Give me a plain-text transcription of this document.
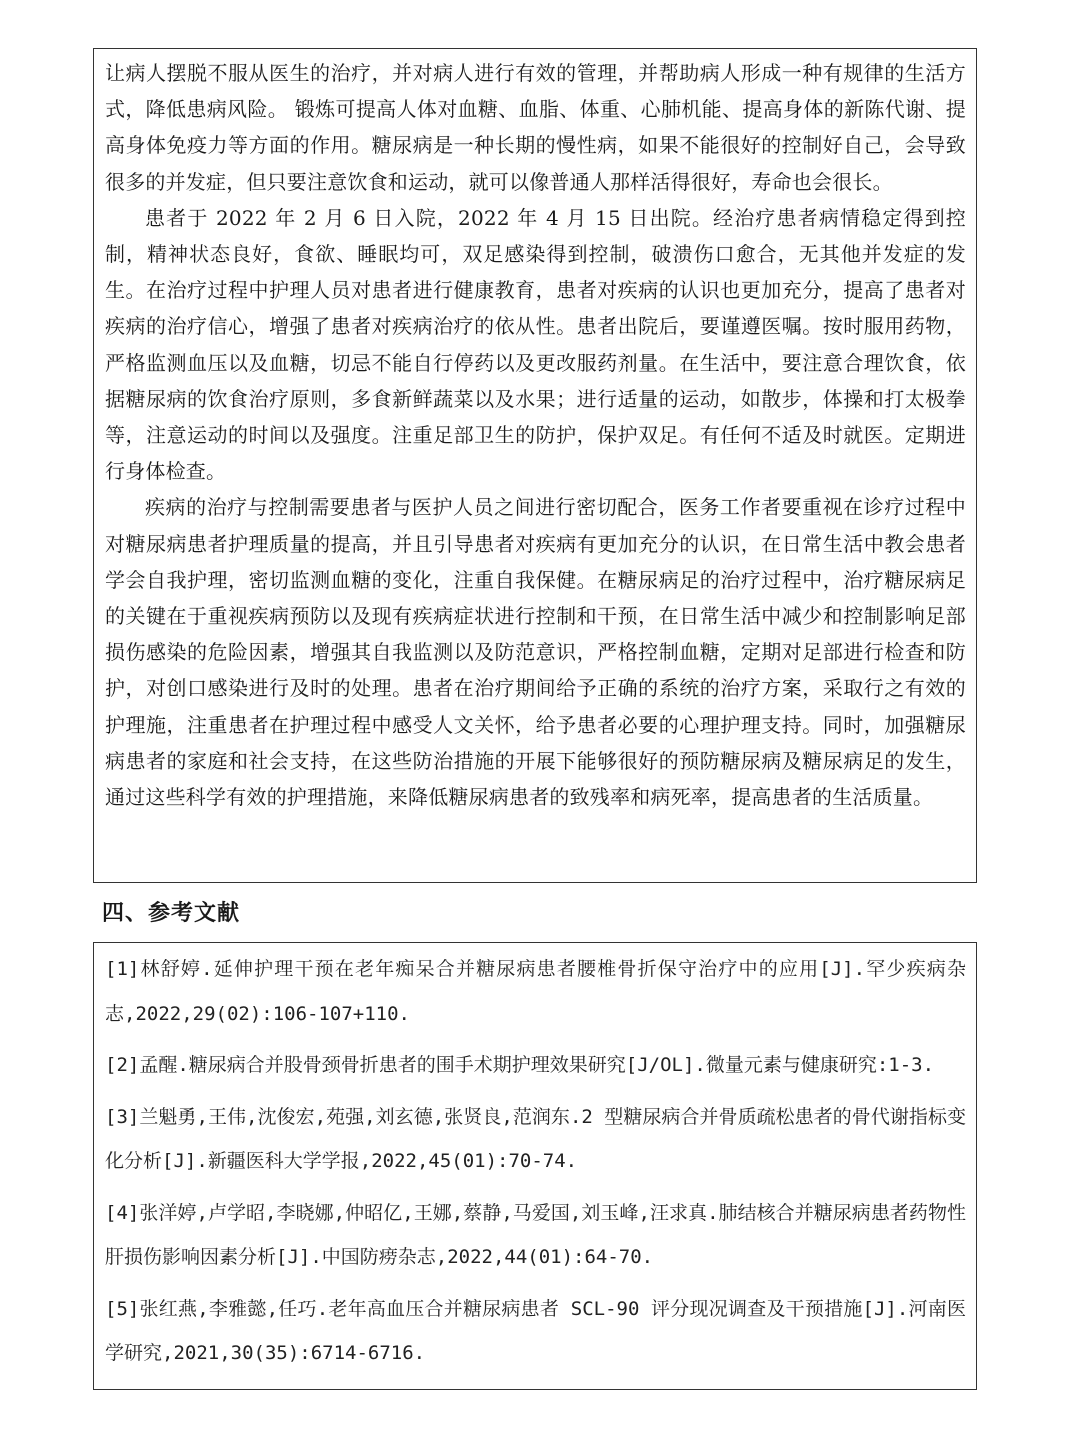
让病人摆脱不服从医生的治疗，并对病人进行有效的管理，并帮助病人形成一种有规律的生活方式，降低患病风险。 锻炼可提高人体对血糖、血脂、体重、心肺机能、提高身体的新陈代谢、提高身体免疫力等方面的作用。糖尿病是一种长期的慢性病，如果不能很好的控制好自己，会导致很多的并发症，但只要注意饮食和运动，就可以像普通人那样活得很好，寿命也会很长。

患者于 2022 年 2 月 6 日入院，2022 年 4 月 15 日出院。经治疗患者病情稳定得到控制，精神状态良好，食欲、睡眠均可，双足感染得到控制，破溃伤口愈合，无其他并发症的发生。在治疗过程中护理人员对患者进行健康教育，患者对疾病的认识也更加充分，提高了患者对疾病的治疗信心，增强了患者对疾病治疗的依从性。患者出院后，要谨遵医嘱。按时服用药物，严格监测血压以及血糖，切忌不能自行停药以及更改服药剂量。在生活中，要注意合理饮食，依据糖尿病的饮食治疗原则，多食新鲜蔬菜以及水果；进行适量的运动，如散步，体操和打太极拳等，注意运动的时间以及强度。注重足部卫生的防护，保护双足。有任何不适及时就医。定期进行身体检查。

疾病的治疗与控制需要患者与医护人员之间进行密切配合，医务工作者要重视在诊疗过程中对糖尿病患者护理质量的提高，并且引导患者对疾病有更加充分的认识，在日常生活中教会患者学会自我护理，密切监测血糖的变化，注重自我保健。在糖尿病足的治疗过程中，治疗糖尿病足的关键在于重视疾病预防以及现有疾病症状进行控制和干预，在日常生活中减少和控制影响足部损伤感染的危险因素，增强其自我监测以及防范意识，严格控制血糖，定期对足部进行检查和防护，对创口感染进行及时的处理。患者在治疗期间给予正确的系统的治疗方案，采取行之有效的护理施，注重患者在护理过程中感受人文关怀，给予患者必要的心理护理支持。同时，加强糖尿病患者的家庭和社会支持，在这些防治措施的开展下能够很好的预防糖尿病及糖尿病足的发生，通过这些科学有效的护理措施，来降低糖尿病患者的致残率和病死率，提高患者的生活质量。

四、参考文献

[1]林舒婷.延伸护理干预在老年痴呆合并糖尿病患者腰椎骨折保守治疗中的应用[J].罕少疾病杂志,2022,29(02):106-107+110.

[2]孟醒.糖尿病合并股骨颈骨折患者的围手术期护理效果研究[J/OL].微量元素与健康研究:1-3.

[3]兰魁勇,王伟,沈俊宏,苑强,刘玄德,张贤良,范润东.2 型糖尿病合并骨质疏松患者的骨代谢指标变化分析[J].新疆医科大学学报,2022,45(01):70-74.

[4]张洋婷,卢学昭,李晓娜,仲昭亿,王娜,蔡静,马爱国,刘玉峰,汪求真.肺结核合并糖尿病患者药物性肝损伤影响因素分析[J].中国防痨杂志,2022,44(01):64-70.

[5]张红燕,李雅懿,任巧.老年高血压合并糖尿病患者 SCL-90 评分现况调查及干预措施[J].河南医学研究,2021,30(35):6714-6716.
